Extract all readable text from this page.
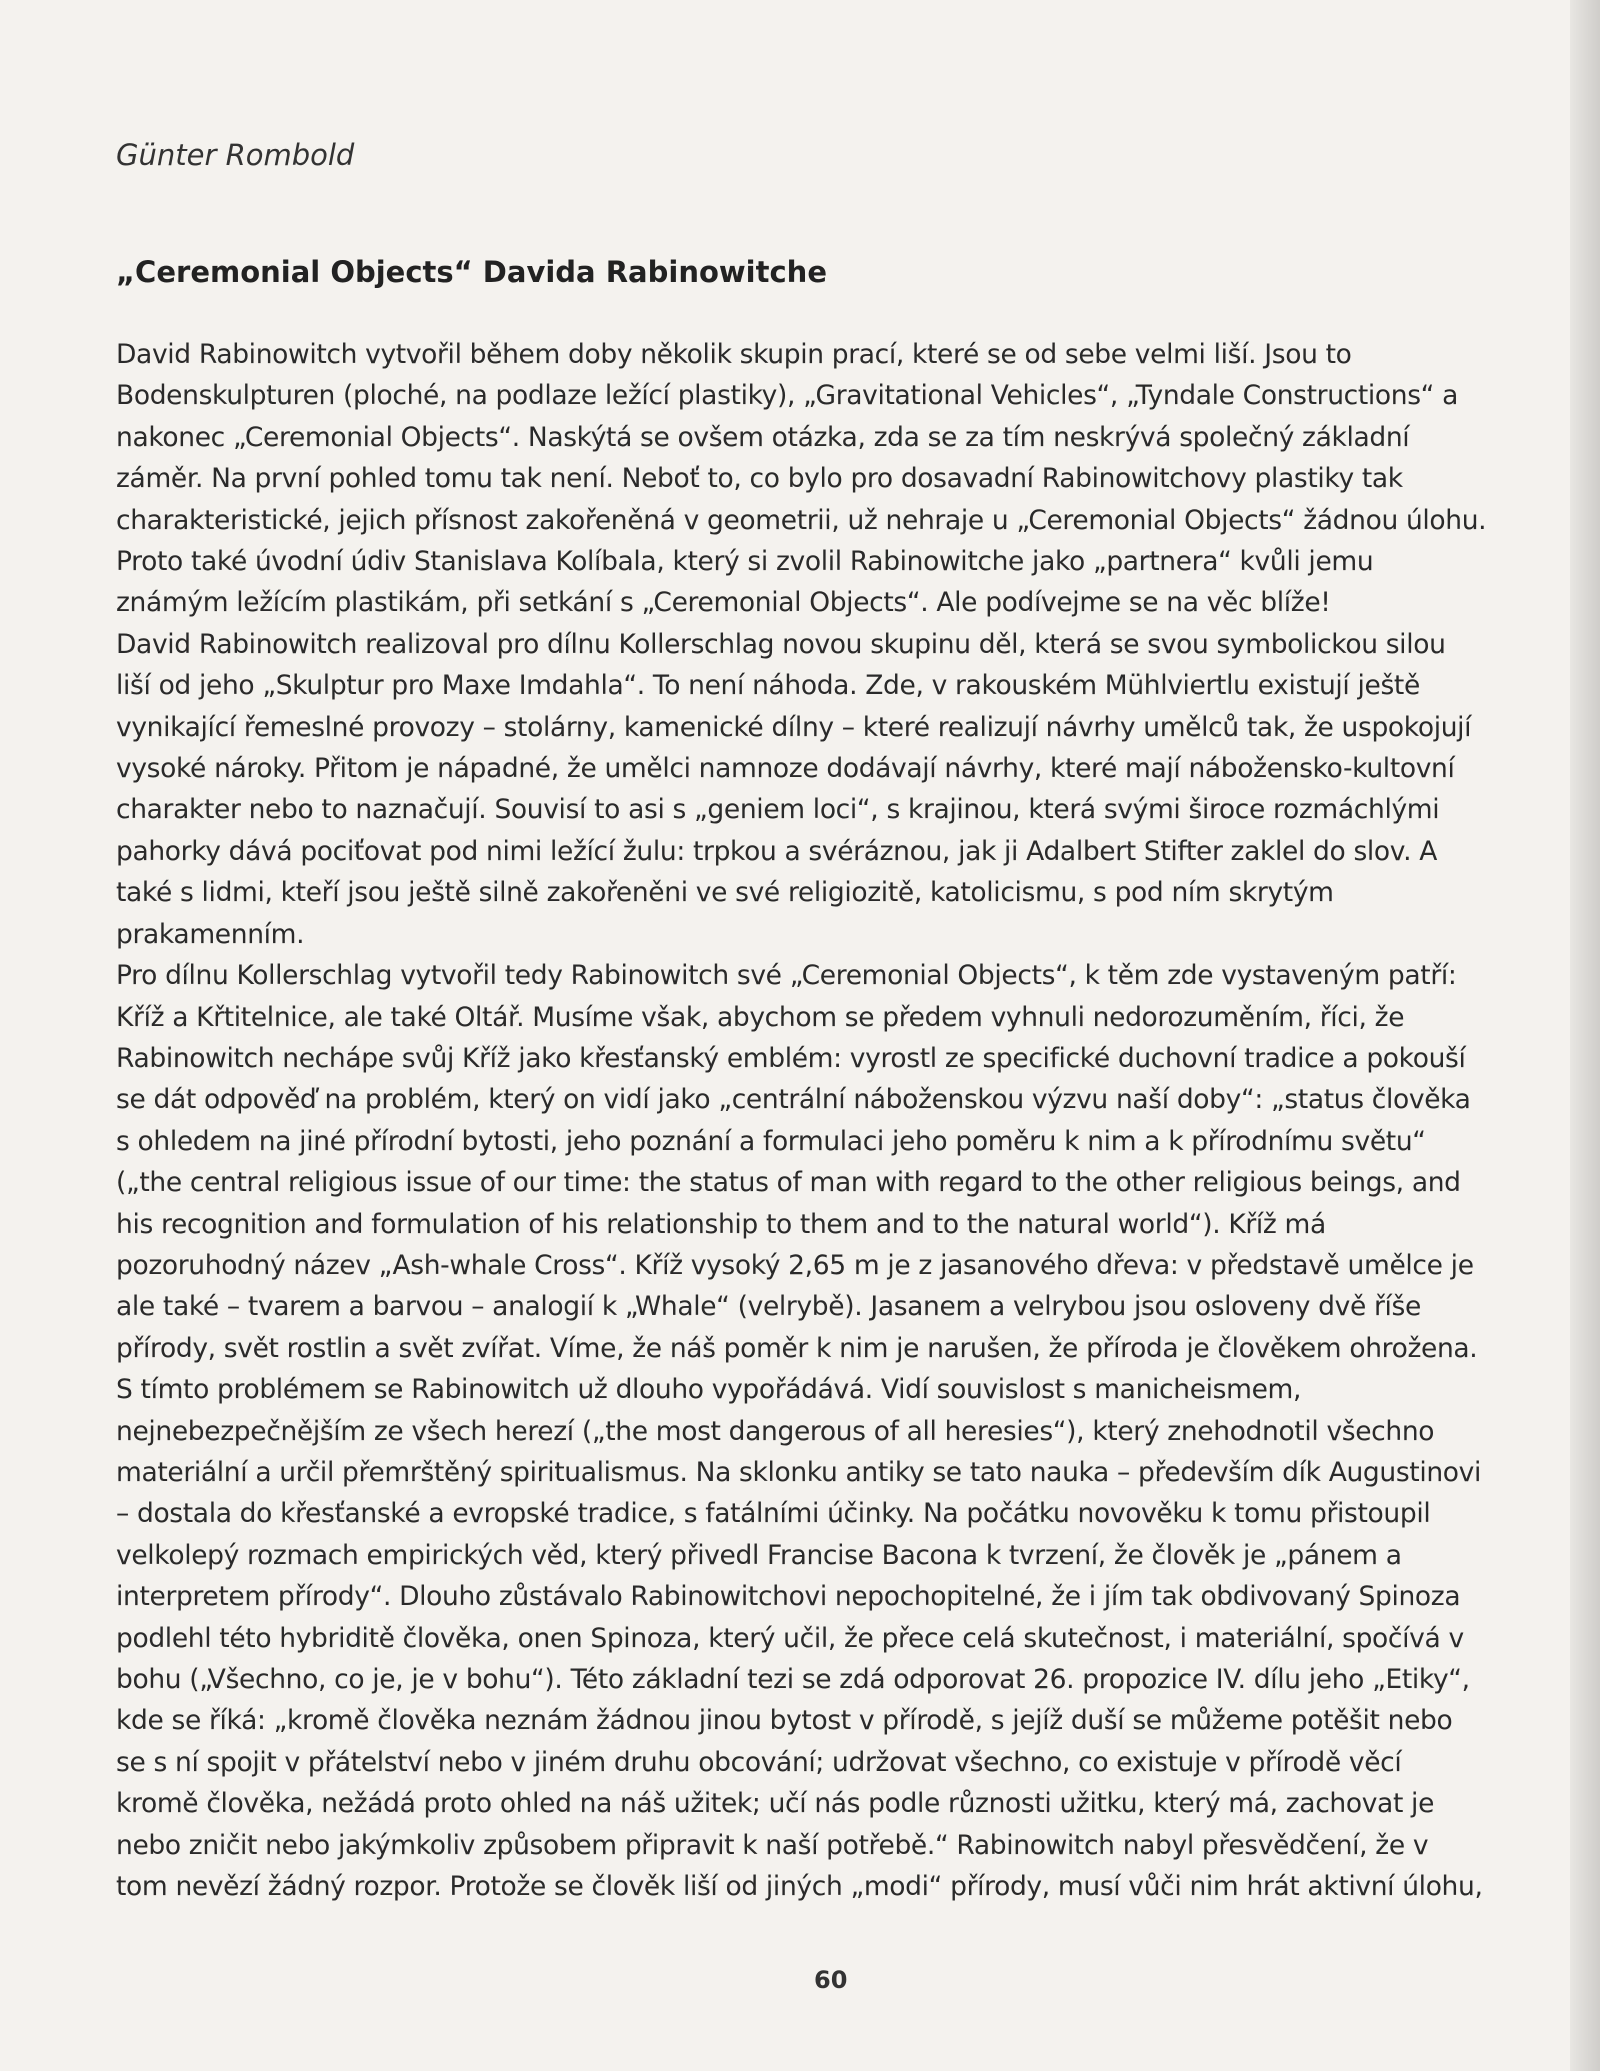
Günter Rombold
„Ceremonial Objects“ Davida Rabinowitche
David Rabinowitch vytvořil během doby několik skupin prací, které se od sebe velmi liší. Jsou to
Bodenskulpturen (ploché, na podlaze ležící plastiky), „Gravitational Vehicles“, „Tyndale Constructions“ a
nakonec „Ceremonial Objects“. Naskýtá se ovšem otázka, zda se za tím neskrývá společný základní
záměr. Na první pohled tomu tak není. Neboť to, co bylo pro dosavadní Rabinowitchovy plastiky tak
charakteristické, jejich přísnost zakořeněná v geometrii, už nehraje u „Ceremonial Objects“ žádnou úlohu.
Proto také úvodní údiv Stanislava Kolíbala, který si zvolil Rabinowitche jako „partnera“ kvůli jemu
známým ležícím plastikám, při setkání s „Ceremonial Objects“. Ale podívejme se na věc blíže!
David Rabinowitch realizoval pro dílnu Kollerschlag novou skupinu děl, která se svou symbolickou silou
liší od jeho „Skulptur pro Maxe Imdahla“. To není náhoda. Zde, v rakouském Mühlviertlu existují ještě
vynikající řemeslné provozy – stolárny, kamenické dílny – které realizují návrhy umělců tak, že uspokojují
vysoké nároky. Přitom je nápadné, že umělci namnoze dodávají návrhy, které mají nábožensko-kultovní
charakter nebo to naznačují. Souvisí to asi s „geniem loci“, s krajinou, která svými široce rozmáchlými
pahorky dává pociťovat pod nimi ležící žulu: trpkou a svéráznou, jak ji Adalbert Stifter zaklel do slov. A
také s lidmi, kteří jsou ještě silně zakořeněni ve své religiozitě, katolicismu, s pod ním skrytým
prakamenním.
Pro dílnu Kollerschlag vytvořil tedy Rabinowitch své „Ceremonial Objects“, k těm zde vystaveným patří:
Kříž a Křtitelnice, ale také Oltář. Musíme však, abychom se předem vyhnuli nedorozuměním, říci, že
Rabinowitch nechápe svůj Kříž jako křesťanský emblém: vyrostl ze specifické duchovní tradice a pokouší
se dát odpověď na problém, který on vidí jako „centrální náboženskou výzvu naší doby“: „status člověka
s ohledem na jiné přírodní bytosti, jeho poznání a formulaci jeho poměru k nim a k přírodnímu světu“
(„the central religious issue of our time: the status of man with regard to the other religious beings, and
his recognition and formulation of his relationship to them and to the natural world“). Kříž má
pozoruhodný název „Ash-whale Cross“. Kříž vysoký 2,65 m je z jasanového dřeva: v představě umělce je
ale také – tvarem a barvou – analogií k „Whale“ (velrybě). Jasanem a velrybou jsou osloveny dvě říše
přírody, svět rostlin a svět zvířat. Víme, že náš poměr k nim je narušen, že příroda je člověkem ohrožena.
S tímto problémem se Rabinowitch už dlouho vypořádává. Vidí souvislost s manicheismem,
nejnebezpečnějším ze všech herezí („the most dangerous of all heresies“), který znehodnotil všechno
materiální a určil přemrštěný spiritualismus. Na sklonku antiky se tato nauka – především dík Augustinovi
– dostala do křesťanské a evropské tradice, s fatálními účinky. Na počátku novověku k tomu přistoupil
velkolepý rozmach empirických věd, který přivedl Francise Bacona k tvrzení, že člověk je „pánem a
interpretem přírody“. Dlouho zůstávalo Rabinowitchovi nepochopitelné, že i jím tak obdivovaný Spinoza
podlehl této hybriditě člověka, onen Spinoza, který učil, že přece celá skutečnost, i materiální, spočívá v
bohu („Všechno, co je, je v bohu“). Této základní tezi se zdá odporovat 26. propozice IV. dílu jeho „Etiky“,
kde se říká: „kromě člověka neznám žádnou jinou bytost v přírodě, s jejíž duší se můžeme potěšit nebo
se s ní spojit v přátelství nebo v jiném druhu obcování; udržovat všechno, co existuje v přírodě věcí
kromě člověka, nežádá proto ohled na náš užitek; učí nás podle různosti užitku, který má, zachovat je
nebo zničit nebo jakýmkoliv způsobem připravit k naší potřebě.“ Rabinowitch nabyl přesvědčení, že v
tom nevězí žádný rozpor. Protože se člověk liší od jiných „modi“ přírody, musí vůči nim hrát aktivní úlohu,
60
